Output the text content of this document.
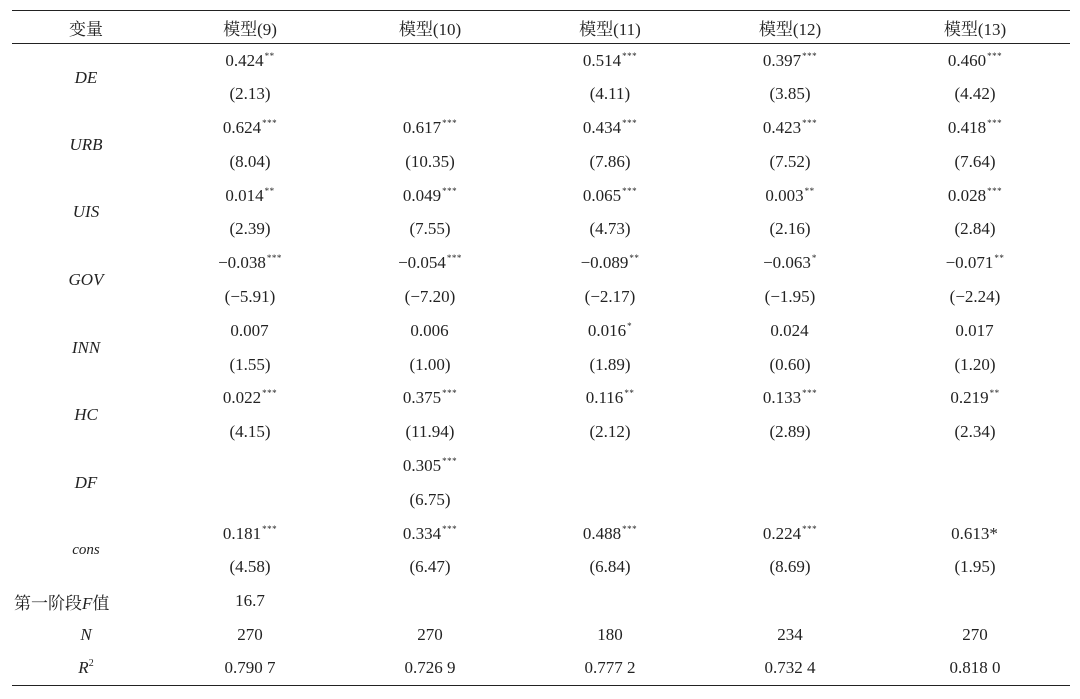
变量	模型(9)	模型(10)	模型(11)	模型(12)	模型(13)
DE	0.424**		0.514***	0.397***	0.460***
	(2.13)		(4.11)	(3.85)	(4.42)
URB	0.624***	0.617***	0.434***	0.423***	0.418***
	(8.04)	(10.35)	(7.86)	(7.52)	(7.64)
UIS	0.014**	0.049***	0.065***	0.003**	0.028***
	(2.39)	(7.55)	(4.73)	(2.16)	(2.84)
GOV	−0.038***	−0.054***	−0.089**	−0.063*	−0.071**
	(−5.91)	(−7.20)	(−2.17)	(−1.95)	(−2.24)
INN	0.007	0.006	0.016*	0.024	0.017
	(1.55)	(1.00)	(1.89)	(0.60)	(1.20)
HC	0.022***	0.375***	0.116**	0.133***	0.219**
	(4.15)	(11.94)	(2.12)	(2.89)	(2.34)
DF		0.305***			
		(6.75)			
cons	0.181***	0.334***	0.488***	0.224***	0.613*
	(4.58)	(6.47)	(6.84)	(8.69)	(1.95)
第一阶段F值	16.7				
N	270	270	180	234	270
$R^2$	0.790 7	0.726 9	0.777 2	0.732 4	0.818 0
